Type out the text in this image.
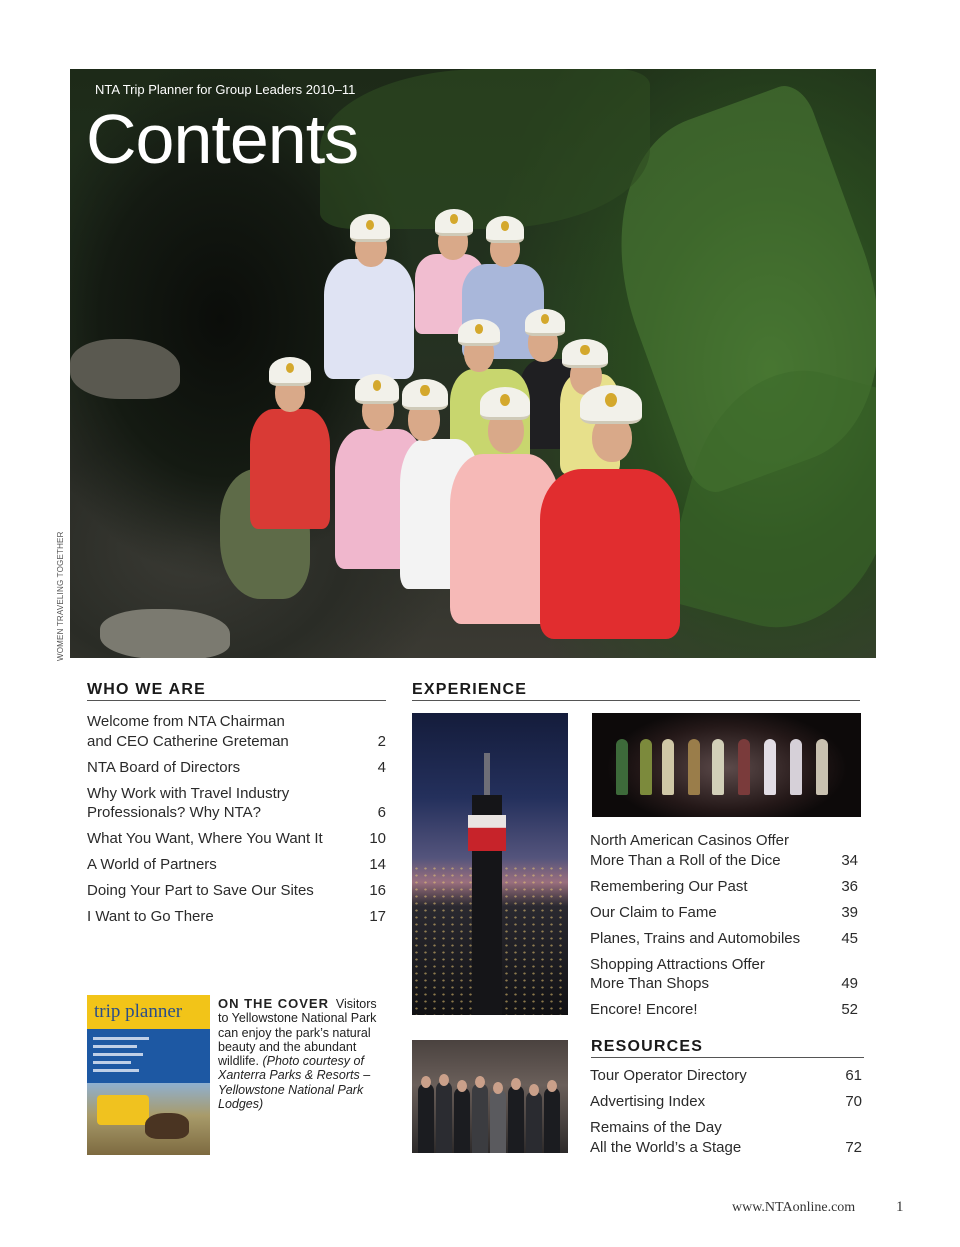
NTA Trip Planner for Group Leaders 2010–11
Contents
WOMEN TRAVELING TOGETHER
WHO WE ARE
Welcome from NTA Chairman
and CEO Catherine Greteman	2
NTA Board of Directors	4
Why Work with Travel Industry
Professionals? Why NTA?	6
What You Want, Where You Want It	10
A World of Partners	14
Doing Your Part to Save Our Sites	16
I Want to Go There	17
EXPERIENCE
North American Casinos Offer
More Than a Roll of the Dice	34
Remembering Our Past	36
Our Claim to Fame	39
Planes, Trains and Automobiles	45
Shopping Attractions Offer
More Than Shops	49
Encore! Encore!	52
RESOURCES
Tour Operator Directory	61
Advertising Index	70
Remains of the Day
All the World’s a Stage	72
trip planner	ON THE COVER Visitors to Yellowstone National Park can enjoy the park’s natural beauty and the abundant wildlife. (Photo courtesy of Xanterra Parks & Resorts – Yellowstone National Park Lodges)
www.NTAonline.com	1
